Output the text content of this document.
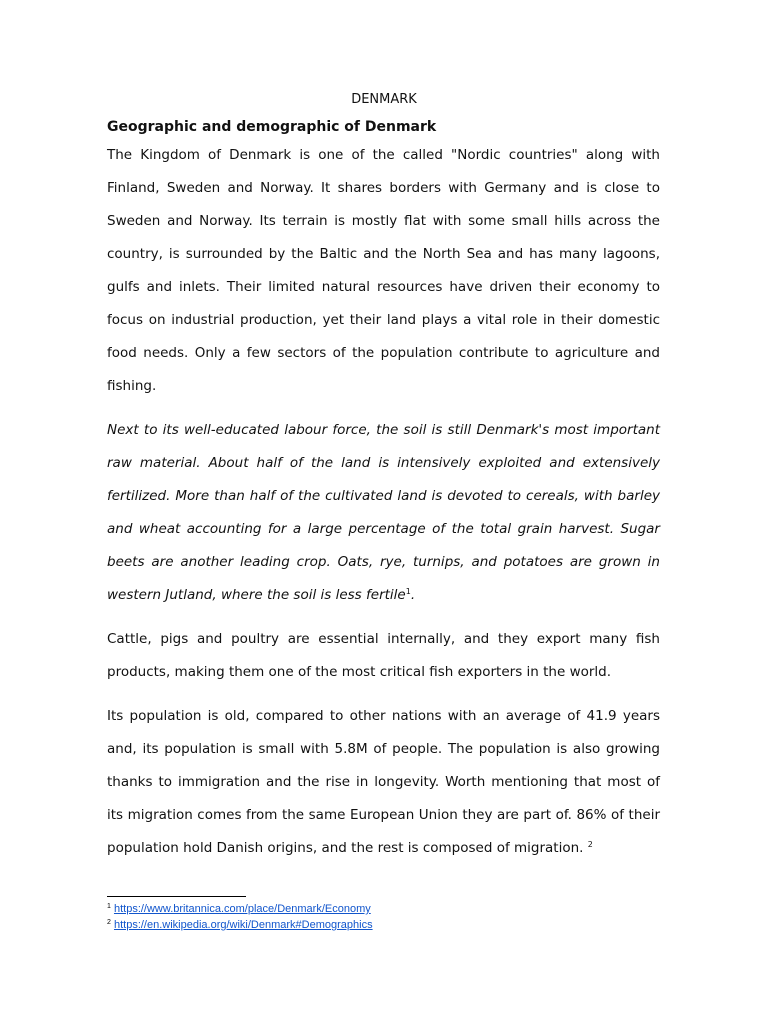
DENMARK
Geographic and demographic of Denmark

The Kingdom of Denmark is one of the called "Nordic countries" along with Finland, Sweden and Norway. It shares borders with Germany and is close to Sweden and Norway. Its terrain is mostly flat with some small hills across the country, is surrounded by the Baltic and the North Sea and has many lagoons, gulfs and inlets. Their limited natural resources have driven their economy to focus on industrial production, yet their land plays a vital role in their domestic food needs. Only a few sectors of the population contribute to agriculture and fishing.

Next to its well-educated labour force, the soil is still Denmark's most important raw material. About half of the land is intensively exploited and extensively fertilized. More than half of the cultivated land is devoted to cereals, with barley and wheat accounting for a large percentage of the total grain harvest. Sugar beets are another leading crop. Oats, rye, turnips, and potatoes are grown in western Jutland, where the soil is less fertile$^1$.

Cattle, pigs and poultry are essential internally, and they export many fish products, making them one of the most critical fish exporters in the world.

Its population is old, compared to other nations with an average of 41.9 years and, its population is small with 5.8M of people. The population is also growing thanks to immigration and the rise in longevity. Worth mentioning that most of its migration comes from the same European Union they are part of. 86% of their population hold Danish origins, and the rest is composed of migration. $^2$

$^1$ https://www.britannica.com/place/Denmark/Economy
$^2$ https://en.wikipedia.org/wiki/Denmark#Demographics
